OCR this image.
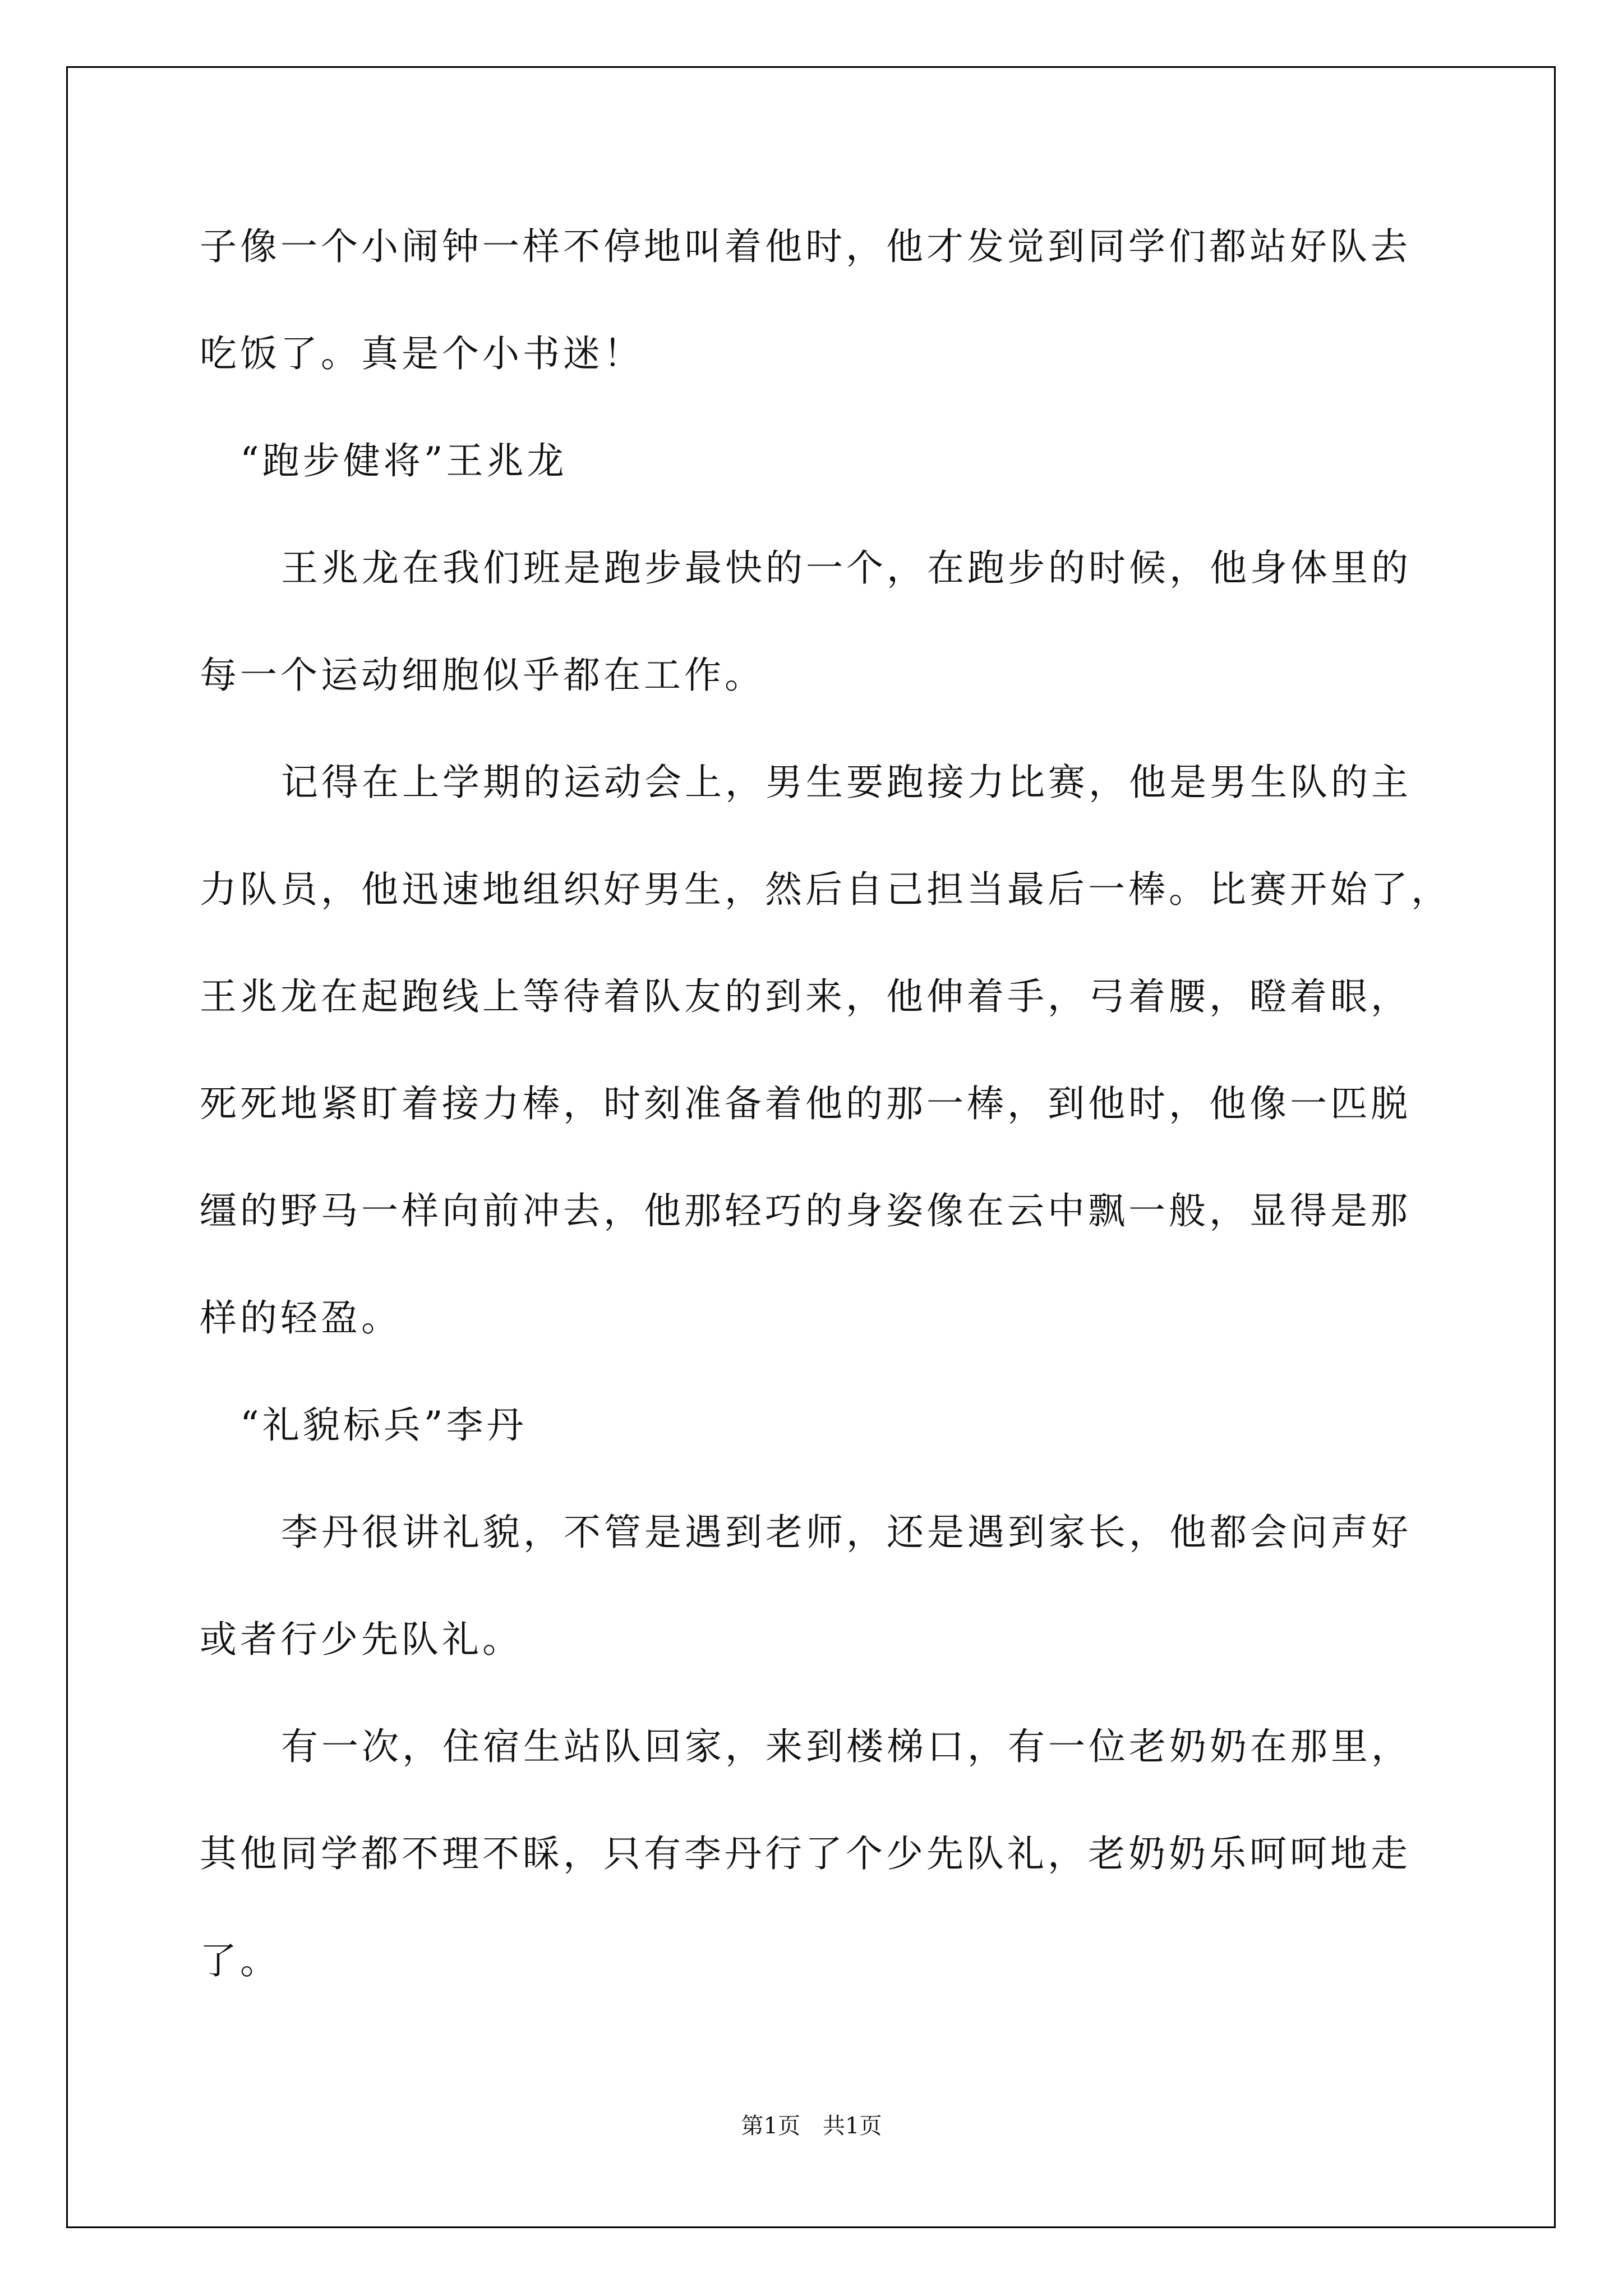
子像一个小闹钟一样不停地叫着他时，他才发觉到同学们都站好队去
吃饭了。真是个小书迷！
“跑步健将”王兆龙
王兆龙在我们班是跑步最快的一个，在跑步的时候，他身体里的
每一个运动细胞似乎都在工作。
记得在上学期的运动会上，男生要跑接力比赛，他是男生队的主
力队员，他迅速地组织好男生，然后自己担当最后一棒。比赛开始了，
王兆龙在起跑线上等待着队友的到来，他伸着手，弓着腰，瞪着眼，
死死地紧盯着接力棒，时刻准备着他的那一棒，到他时，他像一匹脱
缰的野马一样向前冲去，他那轻巧的身姿像在云中飘一般，显得是那
样的轻盈。
“礼貌标兵”李丹
李丹很讲礼貌，不管是遇到老师，还是遇到家长，他都会问声好
或者行少先队礼。
有一次，住宿生站队回家，来到楼梯口，有一位老奶奶在那里，
其他同学都不理不睬，只有李丹行了个少先队礼，老奶奶乐呵呵地走
了。
第1页　共1页
